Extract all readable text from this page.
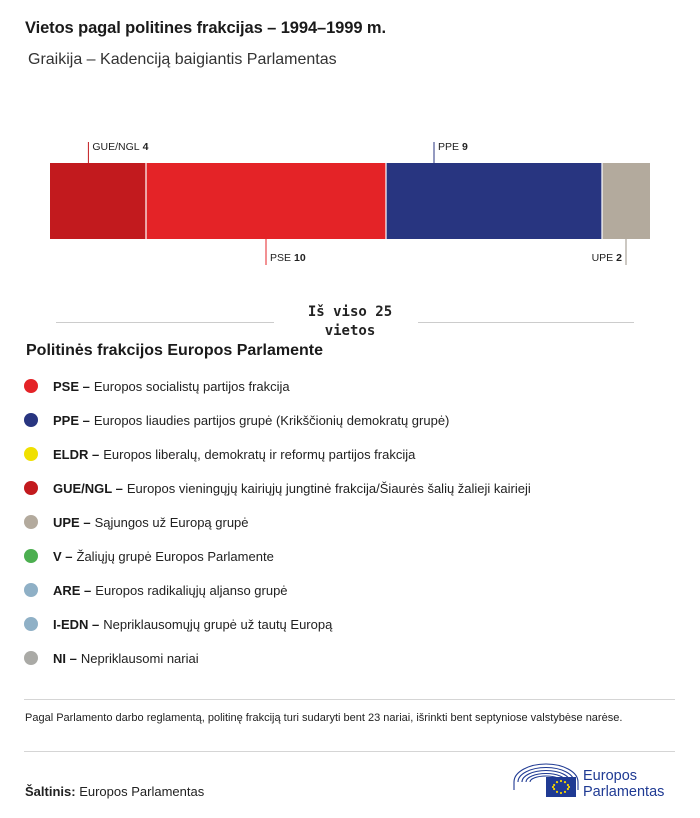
Vietos pagal politines frakcijas – 1994–1999 m.
Graikija – Kadenciją baigiantis Parlamentas
GUE/NGL 4
PSE 10
PPE 9
UPE 2
Iš viso 25
vietos
Politinės frakcijos Europos Parlamente
PSE – Europos socialistų partijos frakcija
PPE – Europos liaudies partijos grupė (Krikščionių demokratų grupė)
ELDR – Europos liberalų, demokratų ir reformų partijos frakcija
GUE/NGL – Europos vieningųjų kairiųjų jungtinė frakcija/Šiaurės šalių žalieji kairieji
UPE – Sąjungos už Europą grupė
V – Žaliųjų grupė Europos Parlamente
ARE – Europos radikaliųjų aljanso grupė
I-EDN – Nepriklausomųjų grupė už tautų Europą
NI – Nepriklausomi nariai
Pagal Parlamento darbo reglamentą, politinę frakciją turi sudaryti bent 23 nariai, išrinkti bent septyniose valstybėse narėse.
Šaltinis: Europos Parlamentas
Europos
Parlamentas
